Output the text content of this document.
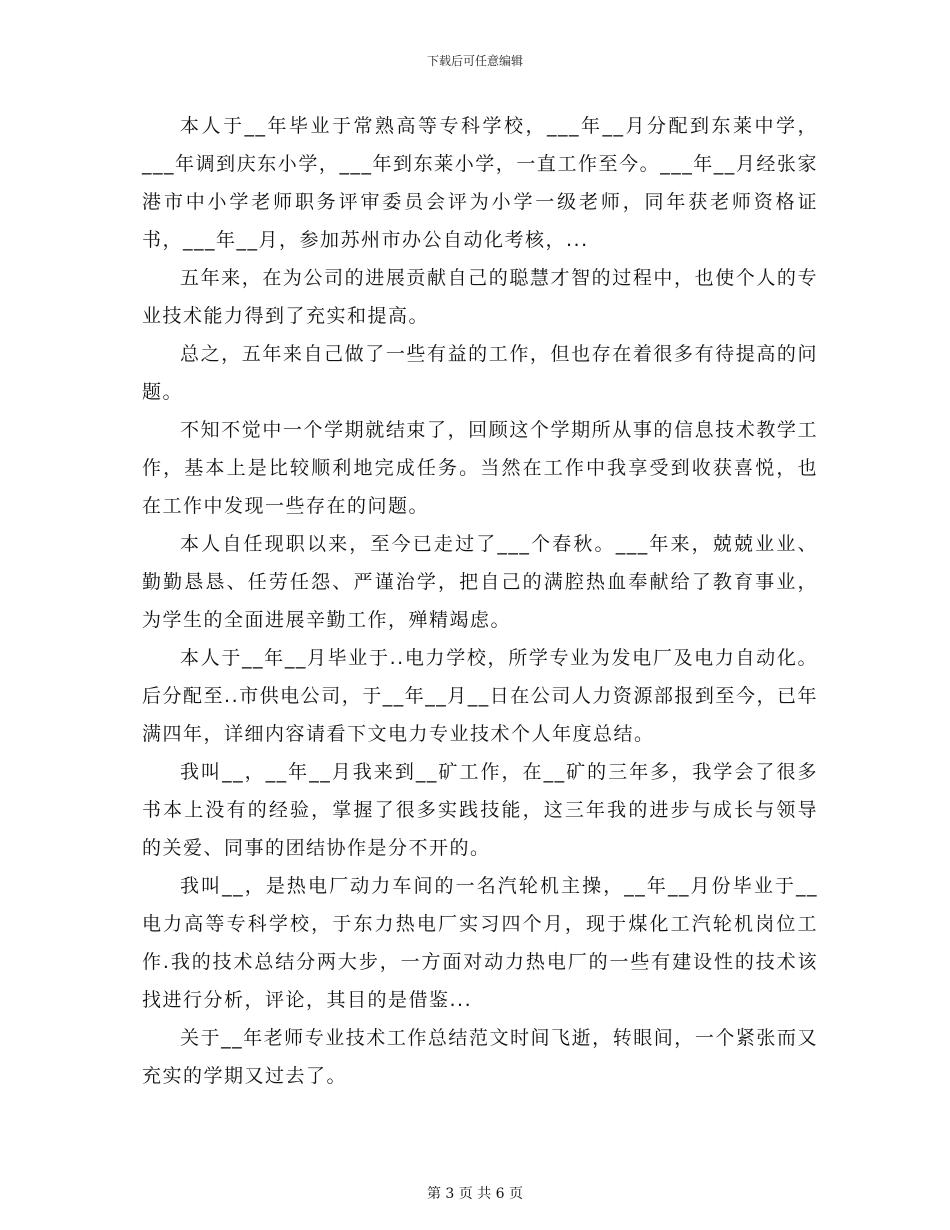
下载后可任意编辑

本人于__年毕业于常熟高等专科学校，___年__月分配到东莱中学，___年调到庆东小学，___年到东莱小学，一直工作至今。___年__月经张家港市中小学老师职务评审委员会评为小学一级老师，同年获老师资格证书，___年__月，参加苏州市办公自动化考核，...

五年来，在为公司的进展贡献自己的聪慧才智的过程中，也使个人的专业技术能力得到了充实和提高。

总之，五年来自己做了一些有益的工作，但也存在着很多有待提高的问题。

不知不觉中一个学期就结束了，回顾这个学期所从事的信息技术教学工作，基本上是比较顺利地完成任务。当然在工作中我享受到收获喜悦，也在工作中发现一些存在的问题。

本人自任现职以来，至今已走过了___个春秋。___年来，兢兢业业、勤勤恳恳、任劳任怨、严谨治学，把自己的满腔热血奉献给了教育事业，为学生的全面进展辛勤工作，殚精竭虑。

本人于__年__月毕业于..电力学校，所学专业为发电厂及电力自动化。后分配至..市供电公司，于__年__月__日在公司人力资源部报到至今，已年满四年，详细内容请看下文电力专业技术个人年度总结。

我叫__，__年__月我来到__矿工作，在__矿的三年多，我学会了很多书本上没有的经验，掌握了很多实践技能，这三年我的进步与成长与领导的关爱、同事的团结协作是分不开的。

我叫__，是热电厂动力车间的一名汽轮机主操，__年__月份毕业于__电力高等专科学校，于东力热电厂实习四个月，现于煤化工汽轮机岗位工作.我的技术总结分两大步，一方面对动力热电厂的一些有建设性的技术该找进行分析，评论，其目的是借鉴...

关于__年老师专业技术工作总结范文时间飞逝，转眼间，一个紧张而又充实的学期又过去了。

第 3 页 共 6 页
